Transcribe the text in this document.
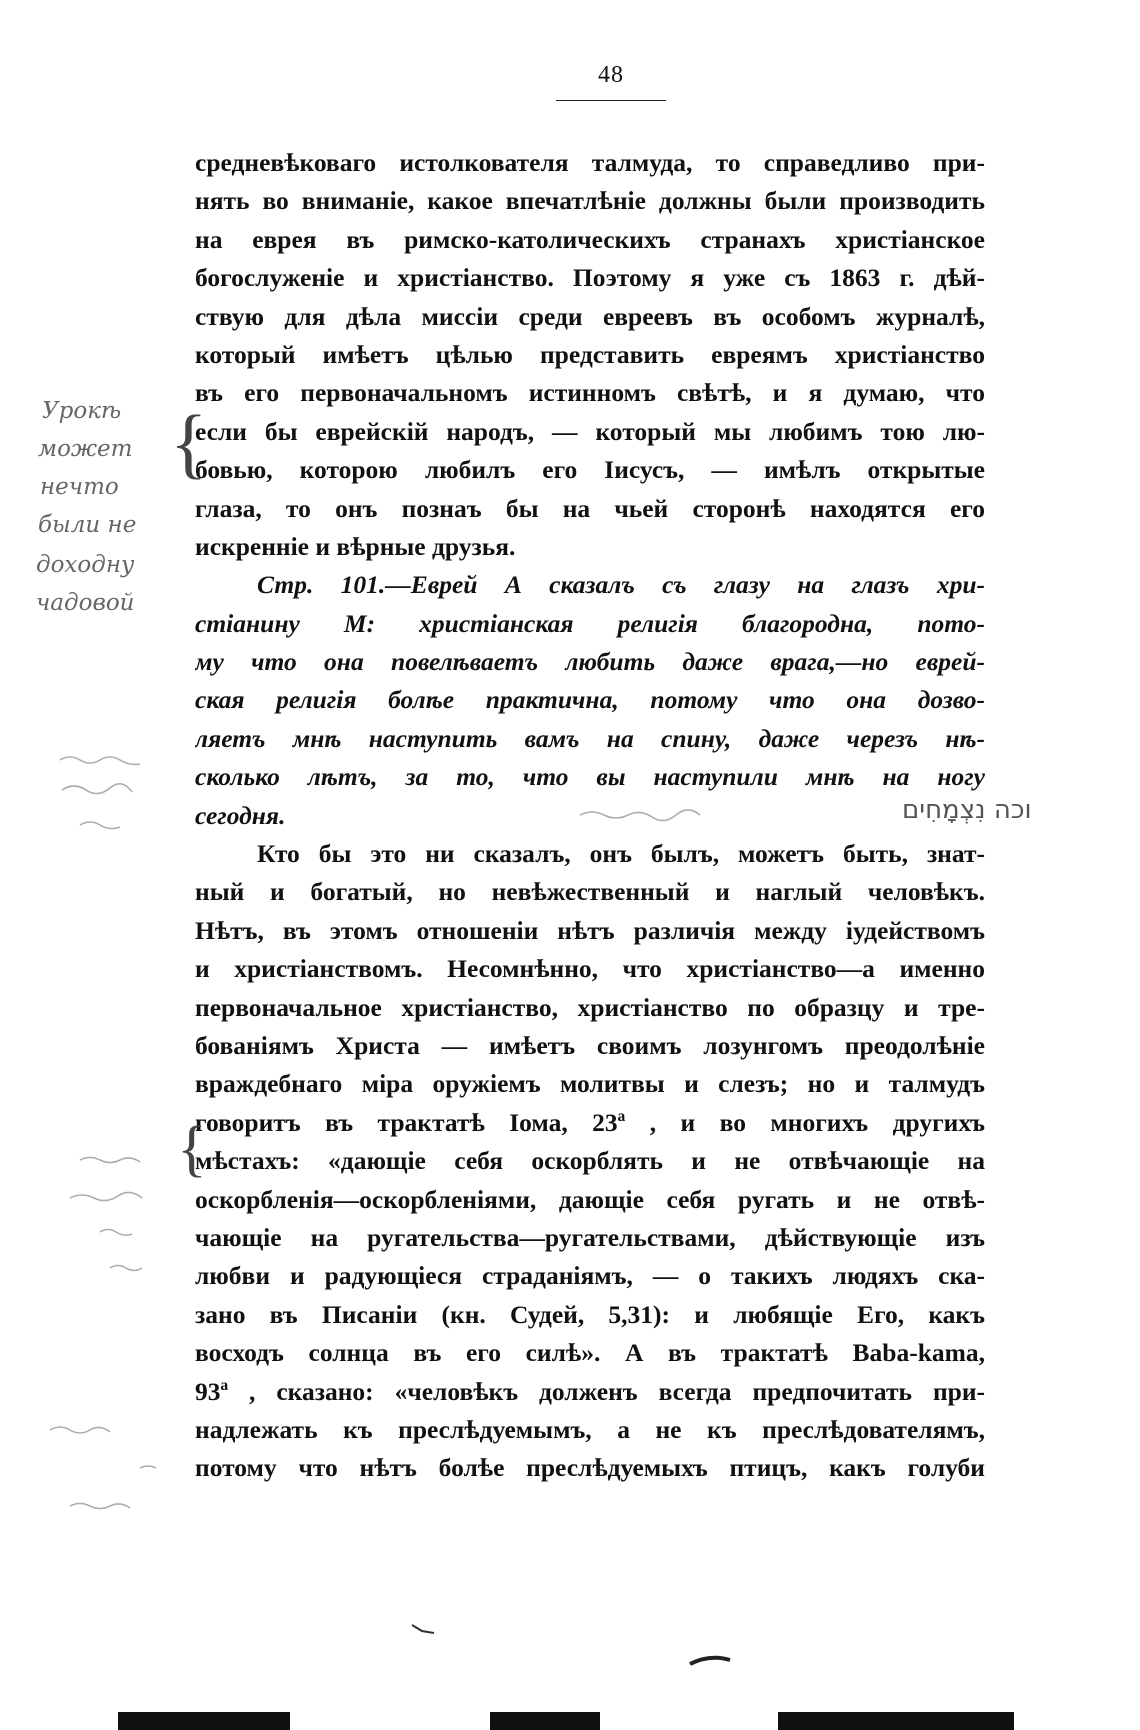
48
средневѣковаго истолкователя талмуда, то справедливо при-
нять во вниманіе, какое впечатлѣніе должны были производить
на еврея въ римско-католическихъ странахъ христіанское
богослуженіе и христіанство. Поэтому я уже съ 1863 г. дѣй-
ствую для дѣла миссіи среди евреевъ въ особомъ журналѣ,
который имѣетъ цѣлью представить евреямъ христіанство
въ его первоначальномъ истинномъ свѣтѣ, и я думаю, что
если бы еврейскій народъ, — который мы любимъ тою лю-
бовью, которою любилъ его Іисусъ, — имѣлъ открытые
глаза, то онъ познаъ бы на чьей сторонѣ находятся его
искренніе и вѣрные друзья.
Стр. 101.—Еврей А сказалъ съ глазу на глазъ хри-
стіанину М: христіанская религія благородна, пото-
му что она повелѣваетъ любить даже врага,—но еврей-
ская религія болѣе практична, потому что она дозво-
ляетъ мнѣ наступить вамъ на спину, даже черезъ нѣ-
сколько лѣтъ, за то, что вы наступили мнѣ на ногу
сегодня.
Кто бы это ни сказалъ, онъ былъ, можетъ быть, знат-
ный и богатый, но невѣжественный и наглый человѣкъ.
Нѣтъ, въ этомъ отношеніи нѣтъ различія между іудействомъ
и христіанствомъ. Несомнѣнно, что христіанство—а именно
первоначальное христіанство, христіанство по образцу и тре-
бованіямъ Христа — имѣетъ своимъ лозунгомъ преодолѣніе
враждебнаго міра оружіемъ молитвы и слезъ; но и талмудъ
говоритъ въ трактатѣ Іома, 23ª , и во многихъ другихъ
мѣстахъ: «дающіе себя оскорблять и не отвѣчающіе на
оскорбленія—оскорбленіями, дающіе себя ругать и не отвѣ-
чающіе на ругательства—ругательствами, дѣйствующіе изъ
любви и радующіеся страданіямъ, — о такихъ людяхъ ска-
зано въ Писаніи (кн. Судей, 5,31): и любящіе Его, какъ
восходъ солнца въ его силѣ». А въ трактатѣ Baba-kama,
93ª , сказано: «человѣкъ долженъ всегда предпочитать при-
надлежать къ преслѣдуемымъ, а не къ преслѣдователямъ,
потому что нѣтъ болѣе преслѣдуемыхъ птицъ, какъ голуби
{
Урокѣ
может
нечто
были не
доходну
чадовой
{
וכה נִצְמָחִים
